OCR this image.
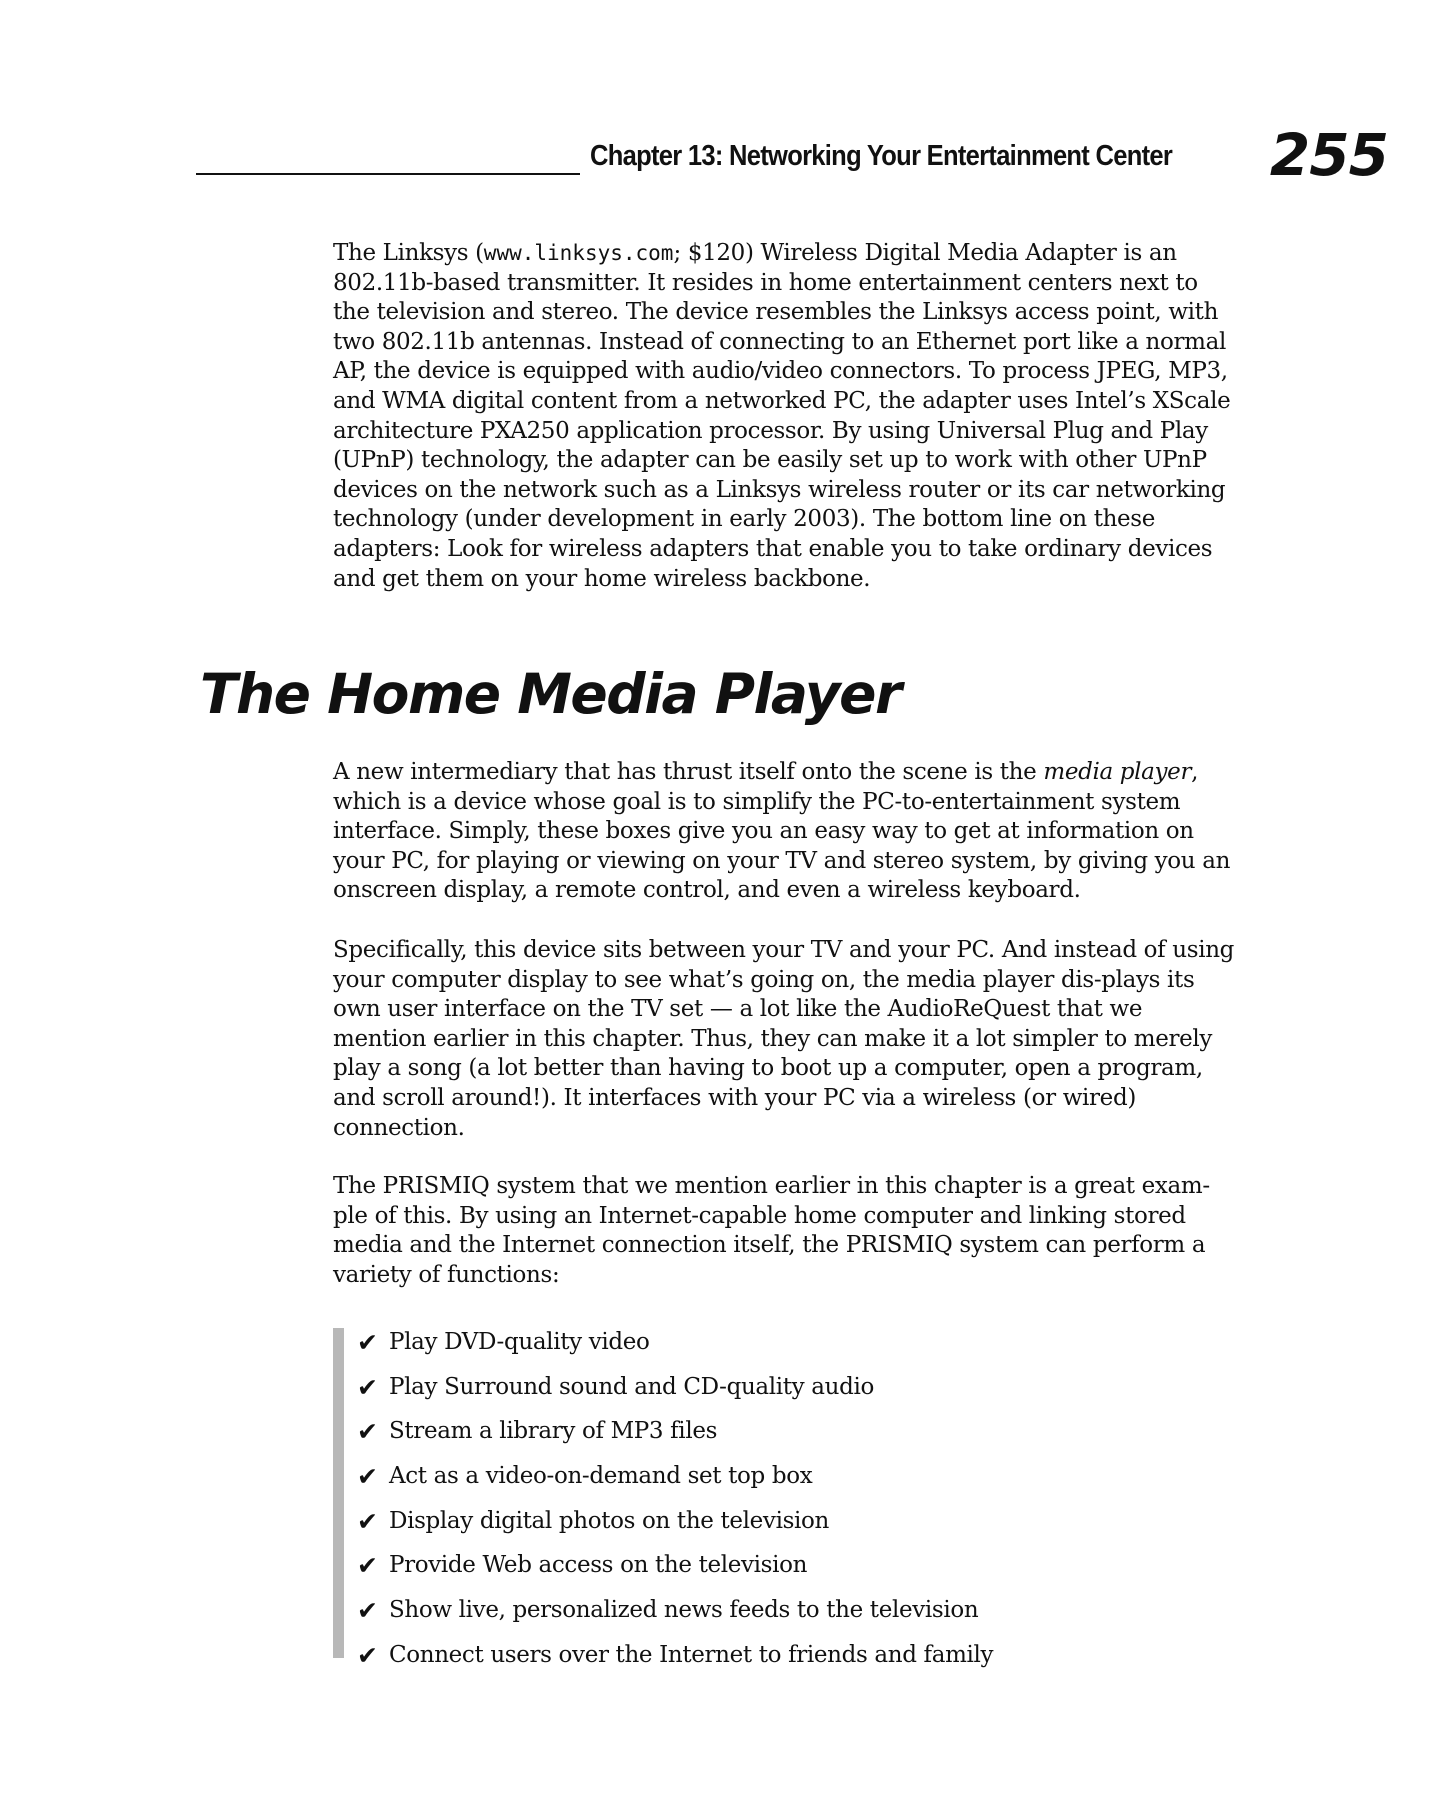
Chapter 13: Networking Your Entertainment Center 255

The Linksys (www.linksys.com; $120) Wireless Digital Media Adapter is an 802.11b-based transmitter. It resides in home entertainment centers next to the television and stereo. The device resembles the Linksys access point, with two 802.11b antennas. Instead of connecting to an Ethernet port like a normal AP, the device is equipped with audio/video connectors. To process JPEG, MP3, and WMA digital content from a networked PC, the adapter uses Intel’s XScale architecture PXA250 application processor. By using Universal Plug and Play (UPnP) technology, the adapter can be easily set up to work with other UPnP devices on the network such as a Linksys wireless router or its car networking technology (under development in early 2003). The bottom line on these adapters: Look for wireless adapters that enable you to take ordinary devices and get them on your home wireless backbone.

The Home Media Player

A new intermediary that has thrust itself onto the scene is the media player, which is a device whose goal is to simplify the PC-to-entertainment system interface. Simply, these boxes give you an easy way to get at information on your PC, for playing or viewing on your TV and stereo system, by giving you an onscreen display, a remote control, and even a wireless keyboard.

Specifically, this device sits between your TV and your PC. And instead of using your computer display to see what’s going on, the media player dis-plays its own user interface on the TV set — a lot like the AudioReQuest that we mention earlier in this chapter. Thus, they can make it a lot simpler to merely play a song (a lot better than having to boot up a computer, open a program, and scroll around!). It interfaces with your PC via a wireless (or wired) connection.

The PRISMIQ system that we mention earlier in this chapter is a great exam-ple of this. By using an Internet-capable home computer and linking stored media and the Internet connection itself, the PRISMIQ system can perform a variety of functions:

✔ Play DVD-quality video
✔ Play Surround sound and CD-quality audio
✔ Stream a library of MP3 files
✔ Act as a video-on-demand set top box
✔ Display digital photos on the television
✔ Provide Web access on the television
✔ Show live, personalized news feeds to the television
✔ Connect users over the Internet to friends and family
